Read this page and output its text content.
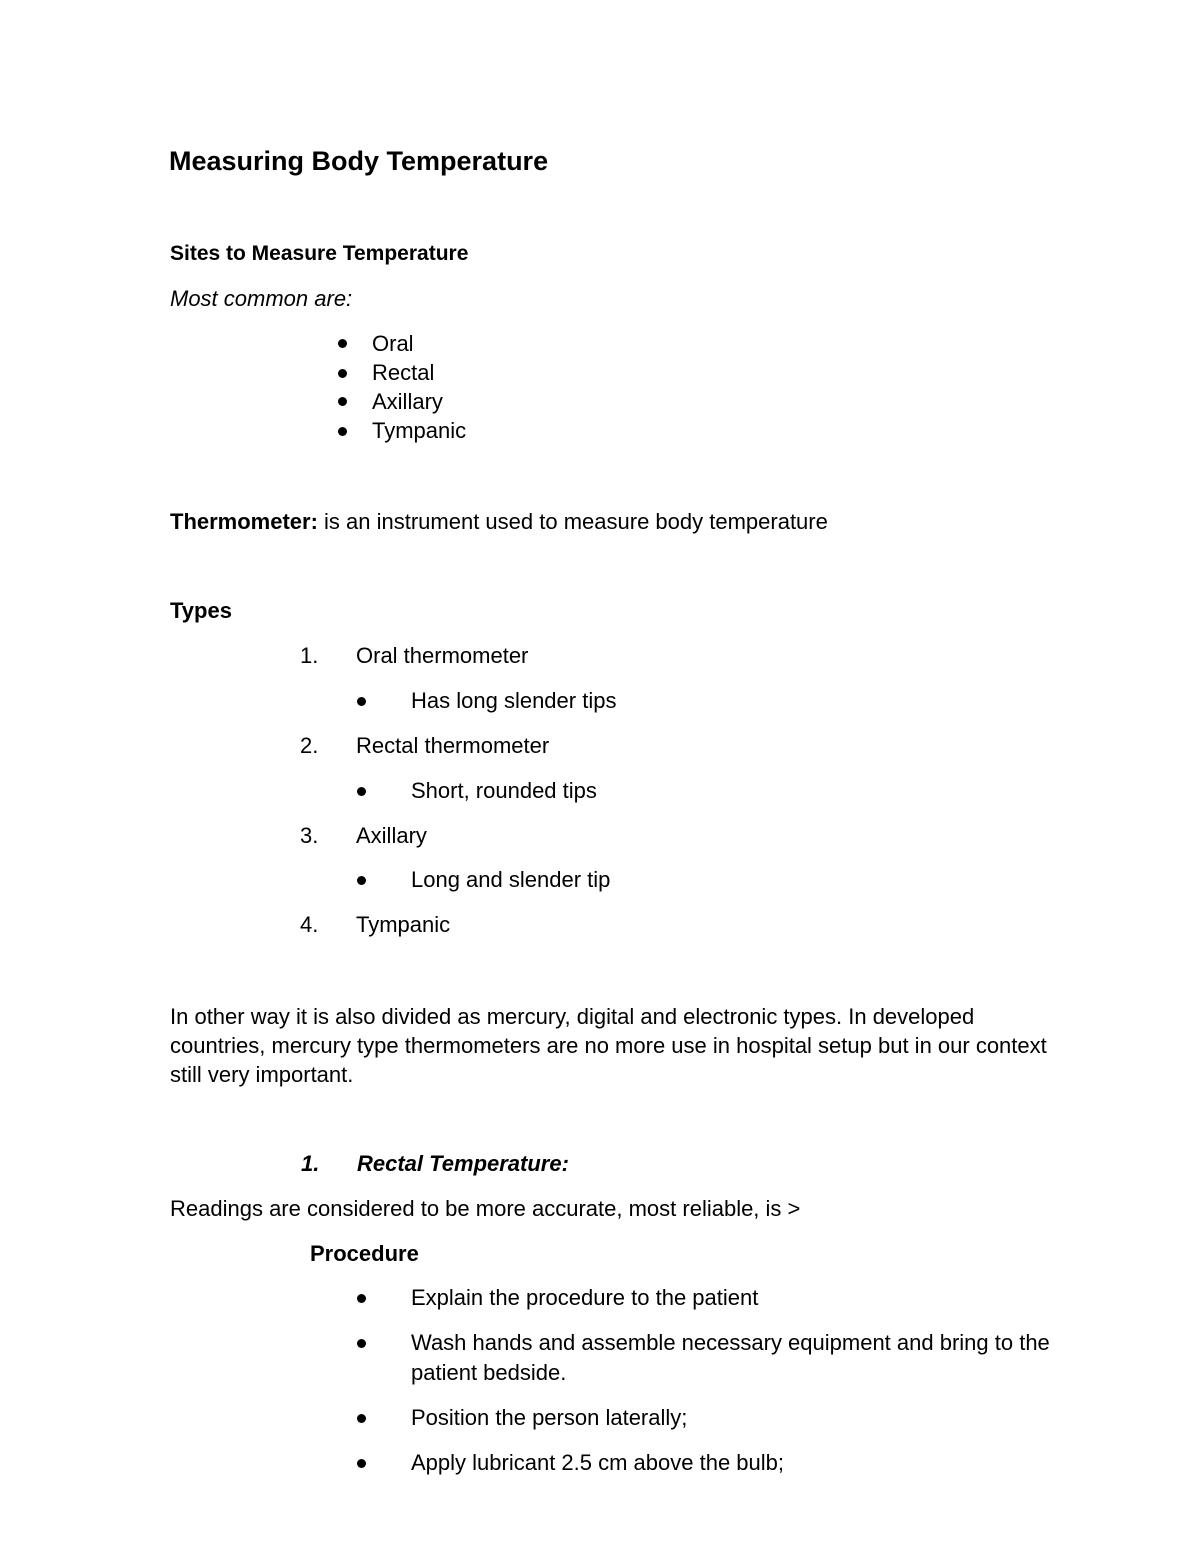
Measuring Body Temperature
Sites to Measure Temperature
Most common are:
Oral
Rectal
Axillary
Tympanic
Thermometer: is an instrument used to measure body temperature
Types
1. Oral thermometer
Has long slender tips
2. Rectal thermometer
Short, rounded tips
3. Axillary
Long and slender tip
4. Tympanic
In other way it is also divided as mercury, digital and electronic types. In developed countries, mercury type thermometers are no more use in hospital setup but in our context still very important.
1. Rectal Temperature:
Readings are considered to be more accurate, most reliable, is >
Procedure
Explain the procedure to the patient
Wash hands and assemble necessary equipment and bring to the patient bedside.
Position the person laterally;
Apply lubricant 2.5 cm above the bulb;
